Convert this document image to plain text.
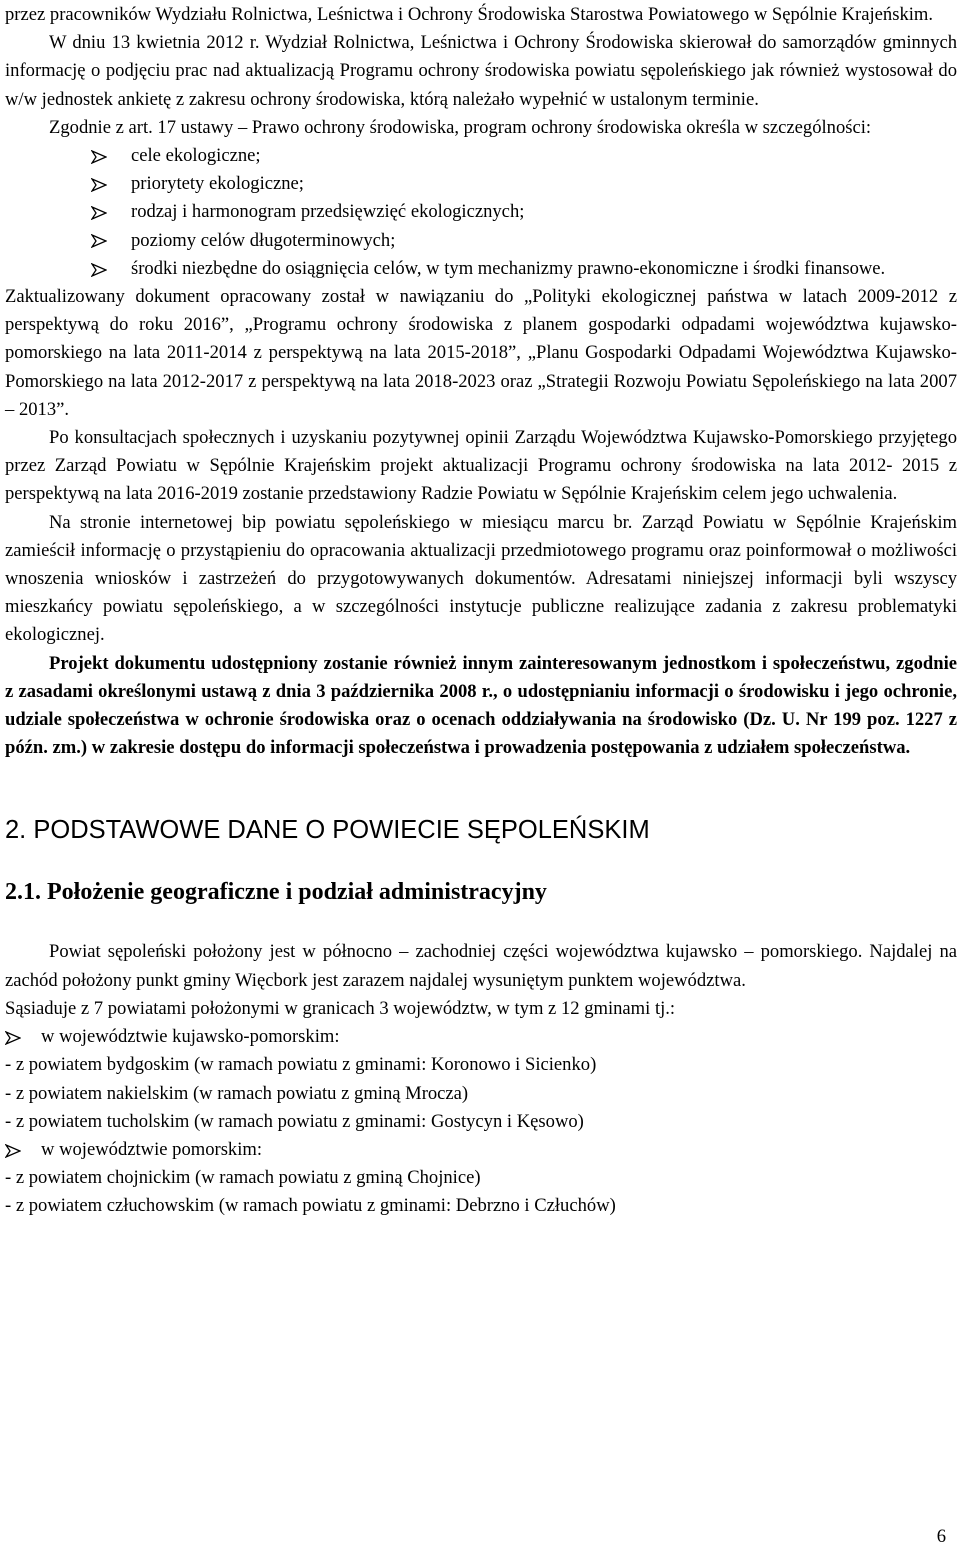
przez pracowników Wydziału Rolnictwa, Leśnictwa i Ochrony Środowiska Starostwa Powiatowego w Sępólnie Krajeńskim.

W dniu 13 kwietnia 2012 r. Wydział Rolnictwa, Leśnictwa i Ochrony Środowiska skierował do samorządów gminnych informację o podjęciu prac nad aktualizacją Programu ochrony środowiska powiatu sępoleńskiego jak również wystosował do w/w jednostek ankietę z zakresu ochrony środowiska, którą należało wypełnić w ustalonym terminie.

Zgodnie z art. 17 ustawy – Prawo ochrony środowiska, program ochrony środowiska określa w szczególności:

cele ekologiczne;
priorytety ekologiczne;
rodzaj i harmonogram przedsięwzięć ekologicznych;
poziomy celów długoterminowych;
środki niezbędne do osiągnięcia celów, w tym mechanizmy prawno-ekonomiczne i środki finansowe.

Zaktualizowany dokument opracowany został w nawiązaniu do „Polityki ekologicznej państwa w latach 2009-2012 z perspektywą do roku 2016”, „Programu ochrony środowiska z planem gospodarki odpadami województwa kujawsko-pomorskiego na lata 2011-2014 z perspektywą na lata 2015-2018”, „Planu Gospodarki Odpadami Województwa Kujawsko-Pomorskiego na lata 2012-2017 z perspektywą na lata 2018-2023 oraz „Strategii Rozwoju Powiatu Sępoleńskiego na lata 2007 – 2013”.

Po konsultacjach społecznych i uzyskaniu pozytywnej opinii Zarządu Województwa Kujawsko-Pomorskiego przyjętego przez Zarząd Powiatu w Sępólnie Krajeńskim projekt aktualizacji Programu ochrony środowiska na lata 2012- 2015 z perspektywą na lata 2016-2019 zostanie przedstawiony Radzie Powiatu w Sępólnie Krajeńskim celem jego uchwalenia.

Na stronie internetowej bip powiatu sępoleńskiego w miesiącu marcu br. Zarząd Powiatu w Sępólnie Krajeńskim zamieścił informację o przystąpieniu do opracowania aktualizacji przedmiotowego programu oraz poinformował o możliwości wnoszenia wniosków i zastrzeżeń do przygotowywanych dokumentów. Adresatami niniejszej informacji byli wszyscy mieszkańcy powiatu sępoleńskiego, a w szczególności instytucje publiczne realizujące zadania z zakresu problematyki ekologicznej.

Projekt dokumentu udostępniony zostanie również innym zainteresowanym jednostkom i społeczeństwu, zgodnie z zasadami określonymi ustawą z dnia 3 października 2008 r., o udostępnianiu informacji o środowisku i jego ochronie, udziale społeczeństwa w ochronie środowiska oraz o ocenach oddziaływania na środowisko (Dz. U. Nr 199 poz. 1227 z późn. zm.) w zakresie dostępu do informacji społeczeństwa i prowadzenia postępowania z udziałem społeczeństwa.

2. PODSTAWOWE DANE O POWIECIE SĘPOLEŃSKIM
2.1. Położenie geograficzne i podział administracyjny

Powiat sępoleński położony jest w północno – zachodniej części województwa kujawsko – pomorskiego. Najdalej na zachód położony punkt gminy Więcbork jest zarazem najdalej wysuniętym punktem województwa.

Sąsiaduje z 7 powiatami położonymi w granicach 3 województw, w tym z 12 gminami tj.:

w województwie kujawsko-pomorskim:

- z powiatem bydgoskim (w ramach powiatu z gminami: Koronowo i Sicienko)

- z powiatem nakielskim (w ramach powiatu z gminą Mrocza)

- z powiatem tucholskim (w ramach powiatu z gminami: Gostycyn i Kęsowo)

w województwie pomorskim:

- z powiatem chojnickim (w ramach powiatu z gminą Chojnice)

- z powiatem człuchowskim (w ramach powiatu z gminami: Debrzno i Człuchów)

6
